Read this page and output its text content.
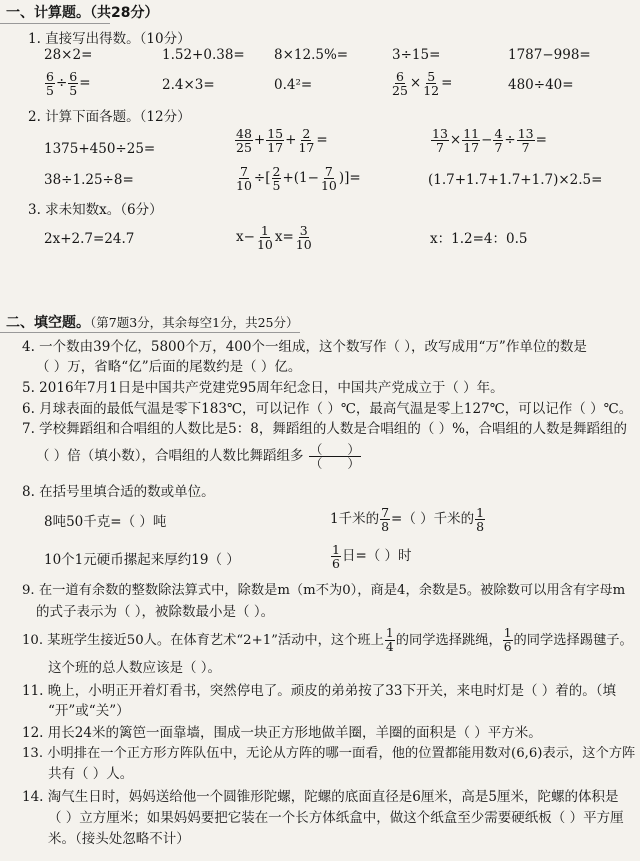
一、计算题。（共28分）
1. 直接写出得数。（10分）
28×2=	1.52+0.38= 8×12.5%=	3÷15=	1787−998=
$\frac{6}{5} \div \frac{6}{5}$ =	2.4×3=	0.4²=	$\frac{6}{25} \times \frac{5}{12}$ =	480÷40=
2. 计算下面各题。（12分）
1375+450÷25=	$\frac{48}{25} + \frac{15}{17} + \frac{2}{17}$ =	$\frac{13}{7} \times \frac{11}{17} - \frac{4}{7} \div \frac{13}{7}$ =
38÷1.25÷8=	$\frac{7}{10}$ ÷[ $\frac{2}{5} +(1- \frac{7}{10}$ )]=	(1.7+1.7+1.7+1.7)×2.5=
3. 求未知数x。（6分）
2x+2.7=24.7	$x- \frac{1}{10} x= \frac{3}{10}$	x：1.2=4：0.5
二、填空题。（第7题3分，其余每空1分，共25分）
4. 一个数由39个亿，5800个万，400个一组成，这个数写作（ ），改写成用“万”作单位的数是
（ ）万，省略“亿”后面的尾数约是（ ）亿。
5. 2016年7月1日是中国共产党建党95周年纪念日，中国共产党成立于（ ）年。
6. 月球表面的最低气温是零下183℃，可以记作（ ）℃，最高气温是零上127℃，可以记作（ ）℃。
7. 学校舞蹈组和合唱组的人数比是5：8，舞蹈组的人数是合唱组的（ ）%，合唱组的人数是舞蹈组的
（ ）倍（填小数），合唱组的人数比舞蹈组多 $\frac{( )}{( )}$
8. 在括号里填合适的数或单位。
8吨50千克=（ ）吨	1千米的 $\frac{7}{8}$ =（ ）千米的 $\frac{1}{8}$
10个1元硬币摞起来厚约19（ ）	$\frac{1}{6}$ 日=（ ）时
9. 在一道有余数的整数除法算式中，除数是m（m不为0），商是4，余数是5。被除数可以用含有字母m
的式子表示为（ ），被除数最小是（ ）。
10. 某班学生接近50人。在体育艺术“2+1”活动中，这个班上 $\frac{1}{4}$ 的同学选择跳绳， $\frac{1}{6}$ 的同学选择踢毽子。
这个班的总人数应该是（ ）。
11. 晚上，小明正开着灯看书，突然停电了。顽皮的弟弟按了33下开关，来电时灯是（ ）着的。（填
“开”或“关”）
12. 用长24米的篱笆一面靠墙，围成一块正方形地做羊圈，羊圈的面积是（ ）平方米。
13. 小明排在一个正方形方阵队伍中，无论从方阵的哪一面看，他的位置都能用数对(6,6)表示，这个方阵
共有（ ）人。
14. 淘气生日时，妈妈送给他一个圆锥形陀螺，陀螺的底面直径是6厘米，高是5厘米，陀螺的体积是
（ ）立方厘米；如果妈妈要把它装在一个长方体纸盒中，做这个纸盒至少需要硬纸板（ ）平方厘
米。（接头处忽略不计）
